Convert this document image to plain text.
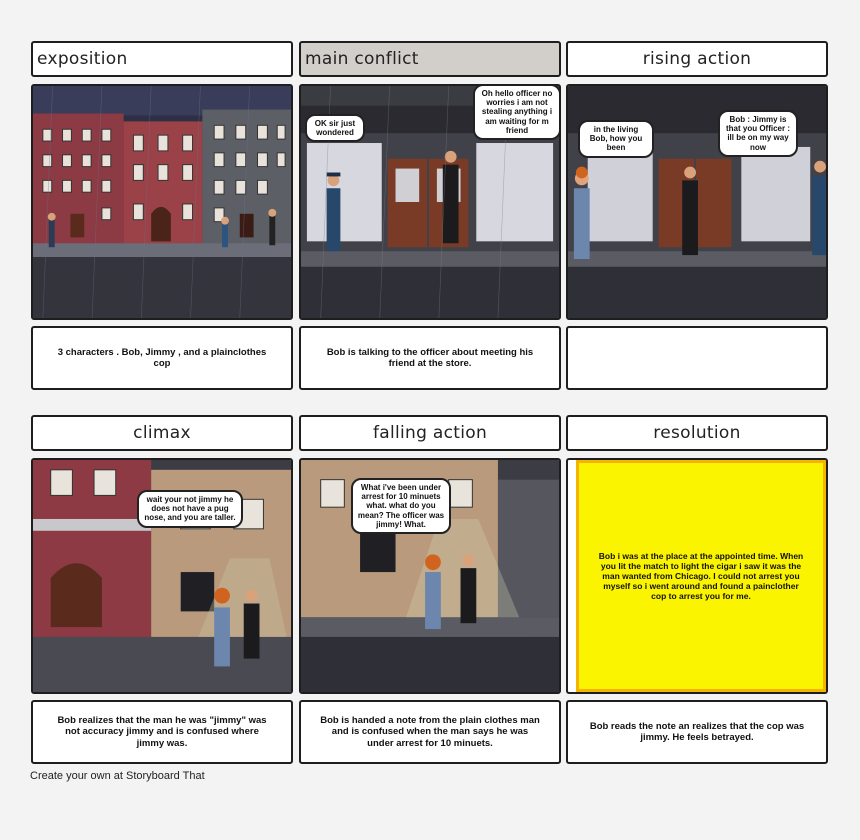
exposition	main conflict	rising action
OK sir just wondered
Oh hello officer no worries i am not stealing anything i am waiting for m friend	in the living Bob, how you been
Bob : Jimmy is that you Officer : ill be on my way now
3 characters . Bob, Jimmy , and a plainclothes cop
Bob is talking to the officer about meeting his friend at the store.
climax	falling action	resolution
wait your not jimmy he does not have a pug nose, and you are taller.
What i've been under arrest for 10 minuets what. what do you mean? The officer was jimmy! What.
Bob i was at the place at the appointed time. When you lit the match to light the cigar i saw it was the man wanted from Chicago. I could not arrest you myself so i went around and found a painclother cop to arrest you for me.
Bob realizes that the man he was "jimmy" was not accuracy jimmy and is confused where jimmy was.
Bob is handed a note from the plain clothes man and is confused when the man says he was under arrest for 10 minuets.
Bob reads the note an realizes that the cop was jimmy. He feels betrayed.
Create your own at Storyboard That
